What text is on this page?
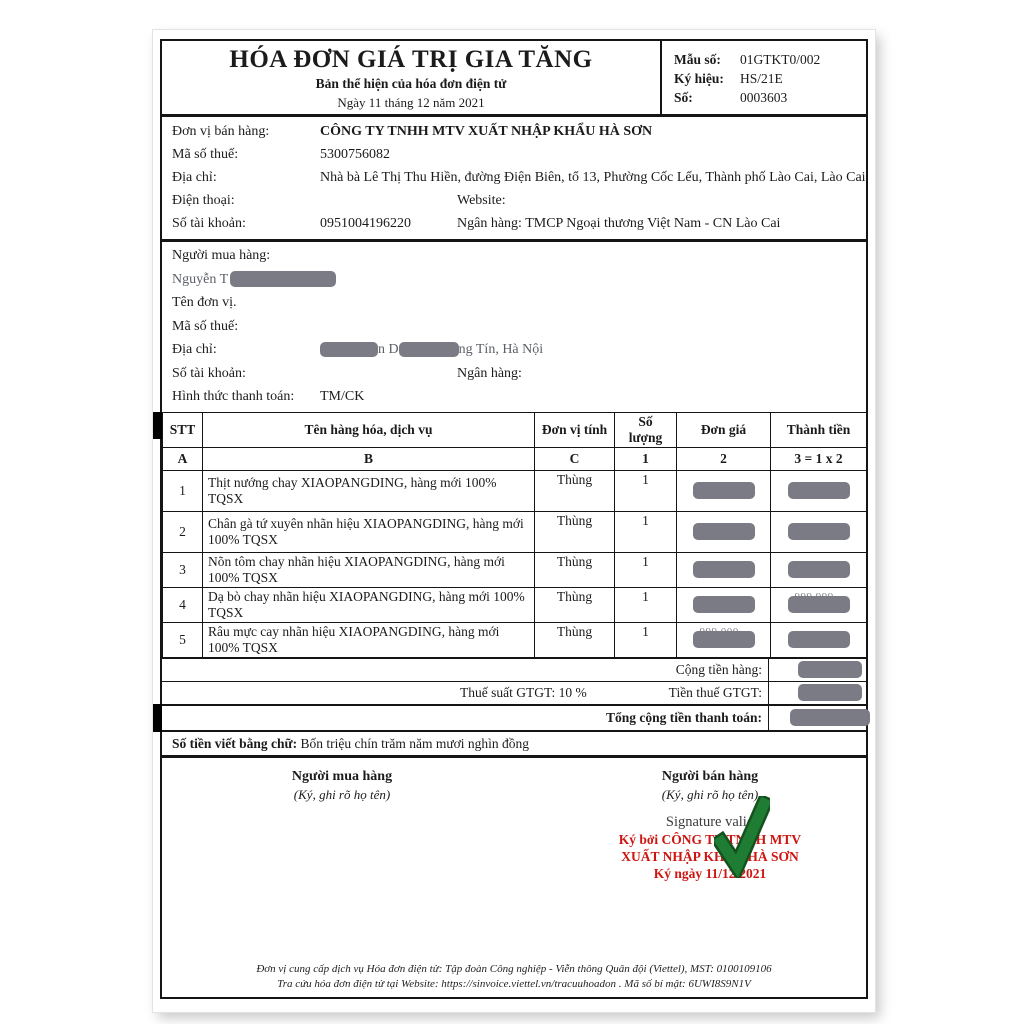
HÓA ĐƠN GIÁ TRỊ GIA TĂNG
Bản thể hiện của hóa đơn điện tử
Ngày 11 tháng 12 năm 2021
Mẫu số:	01GTKT0/002
Ký hiệu:	HS/21E
Số:	0003603
Đơn vị bán hàng:	CÔNG TY TNHH MTV XUẤT NHẬP KHẨU HÀ SƠN
Mã số thuế:	5300756082
Địa chỉ:	Nhà bà Lê Thị Thu Hiền, đường Điện Biên, tổ 13, Phường Cốc Lếu, Thành phố Lào Cai, Lào Cai
Điện thoại:	Website:
Số tài khoản:	0951004196220	Ngân hàng: TMCP Ngoại thương Việt Nam - CN Lào Cai
Người mua hàng:
Nguyễn T
Tên đơn vị.
Mã số thuế:
Địa chỉ:	n D	ng Tín, Hà Nội
Số tài khoản:	Ngân hàng:
Hình thức thanh toán:	TM/CK
STT	Tên hàng hóa, dịch vụ	Đơn vị tính	Số lượng	Đơn giá	Thành tiền
A	B	C	1	2	3 = 1 x 2
1	Thịt nướng chay XIAOPANGDING, hàng mới 100% TQSX	Thùng	1	

2	Chân gà tứ xuyên nhãn hiệu XIAOPANGDING, hàng mới 100% TQSX	Thùng	1	

3	Nõn tôm chay nhãn hiệu XIAOPANGDING, hàng mới 100% TQSX	Thùng	1	

4	Dạ bò chay nhãn hiệu XIAOPANGDING, hàng mới 100% TQSX	Thùng	1	

5	Râu mực cay nhãn hiệu XIAOPANGDING, hàng mới 100% TQSX	Thùng	1	

Cộng tiền hàng:
Thuế suất GTGT: 10 %	Tiền thuế GTGT:
Tổng cộng tiền thanh toán:
Số tiền viết bằng chữ: Bốn triệu chín trăm năm mươi nghìn đồng
Người mua hàng
(Ký, ghi rõ họ tên)
Người bán hàng
(Ký, ghi rõ họ tên)
Signature valid
Ký bởi CÔNG TY TNHH MTV
XUẤT NHẬP KHẨU HÀ SƠN
Ký ngày 11/12/2021
Đơn vị cung cấp dịch vụ Hóa đơn điện tử: Tập đoàn Công nghiệp - Viễn thông Quân đội (Viettel), MST: 0100109106
Tra cứu hóa đơn điện tử tại Website: https://sinvoice.viettel.vn/tracuuhoadon . Mã số bí mật: 6UWI8S9N1V
